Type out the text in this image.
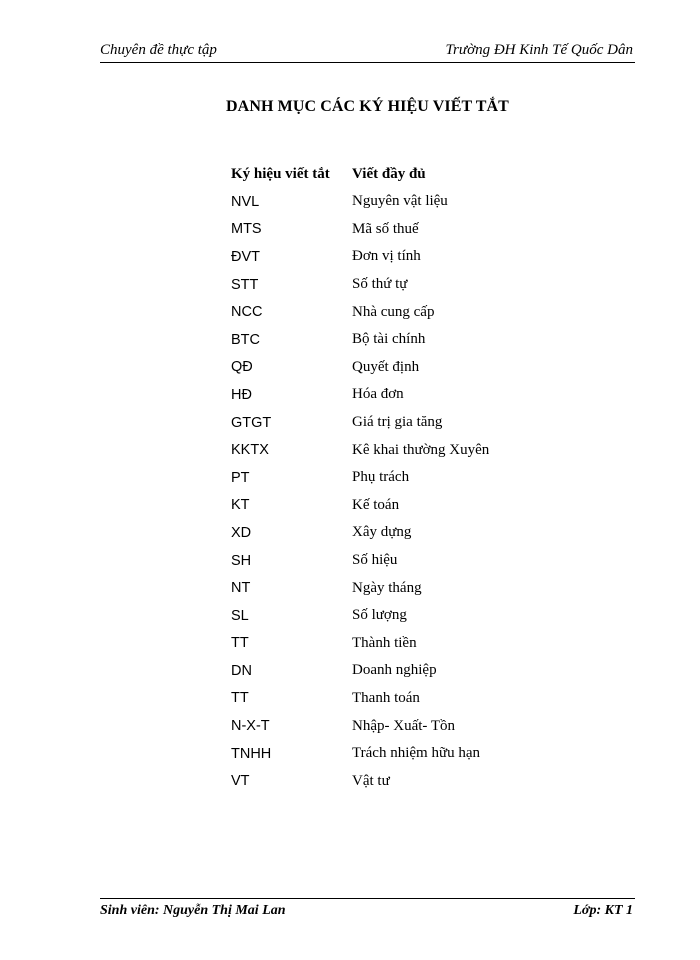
Chuyên đề thực tập	Trường ĐH Kinh Tế Quốc Dân
DANH MỤC CÁC KÝ HIỆU VIẾT TẮT
Ký hiệu viết tắt	Viết đầy đủ
NVL	Nguyên vật liệu
MTS	Mã số thuế
ĐVT	Đơn vị tính
STT	Số thứ tự
NCC	Nhà cung cấp
BTC	Bộ tài chính
QĐ	Quyết định
HĐ	Hóa đơn
GTGT	Giá trị gia tăng
KKTX	Kê khai thường Xuyên
PT	Phụ trách
KT	Kế toán
XD	Xây dựng
SH	Số hiệu
NT	Ngày tháng
SL	Số lượng
TT	Thành tiền
DN	Doanh nghiệp
TT	Thanh toán
N-X-T	Nhập- Xuất- Tồn
TNHH	Trách nhiệm hữu hạn
VT	Vật tư
Sinh viên: Nguyễn Thị Mai Lan	Lớp: KT 1
